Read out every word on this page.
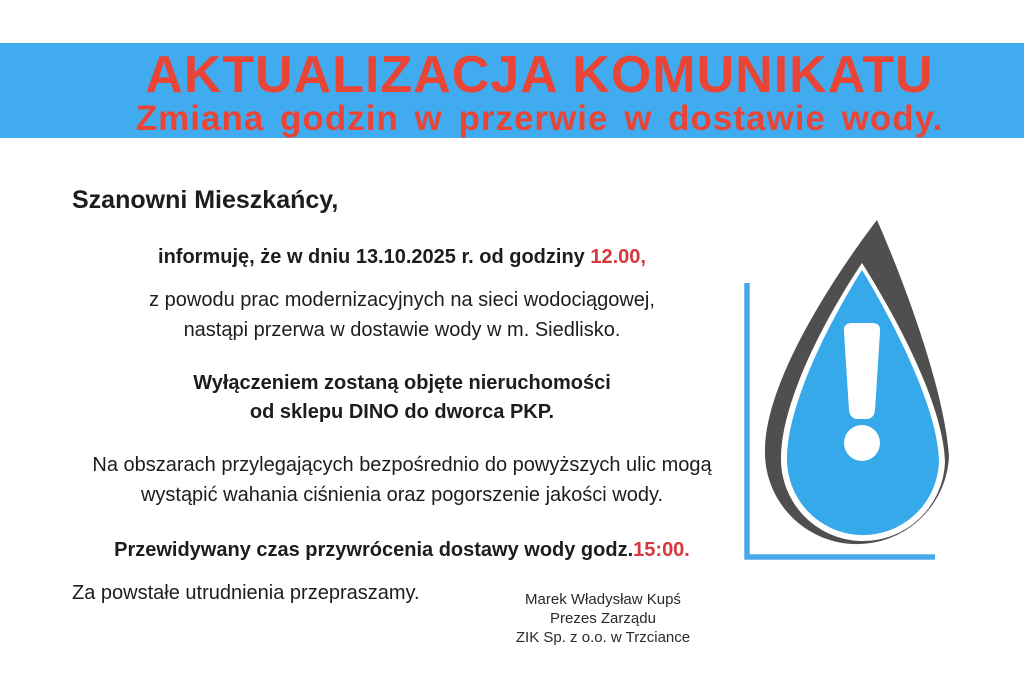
AKTUALIZACJA KOMUNIKATU
Zmiana godzin w przerwie w dostawie wody.
Szanowni Mieszkańcy,
informuję, że w dniu 13.10.2025 r. od godziny 12.00,
z powodu prac modernizacyjnych na sieci wodociągowej,
nastąpi przerwa w dostawie wody w m. Siedlisko.
Wyłączeniem zostaną objęte nieruchomości
od sklepu DINO do dworca PKP.
Na obszarach przylegających bezpośrednio do powyższych ulic mogą
wystąpić wahania ciśnienia oraz pogorszenie jakości wody.
Przewidywany czas przywrócenia dostawy wody godz.15:00.
Za powstałe utrudnienia przepraszamy.	Marek Władysław Kupś
Prezes Zarządu
ZIK Sp. z o.o. w Trzciance
